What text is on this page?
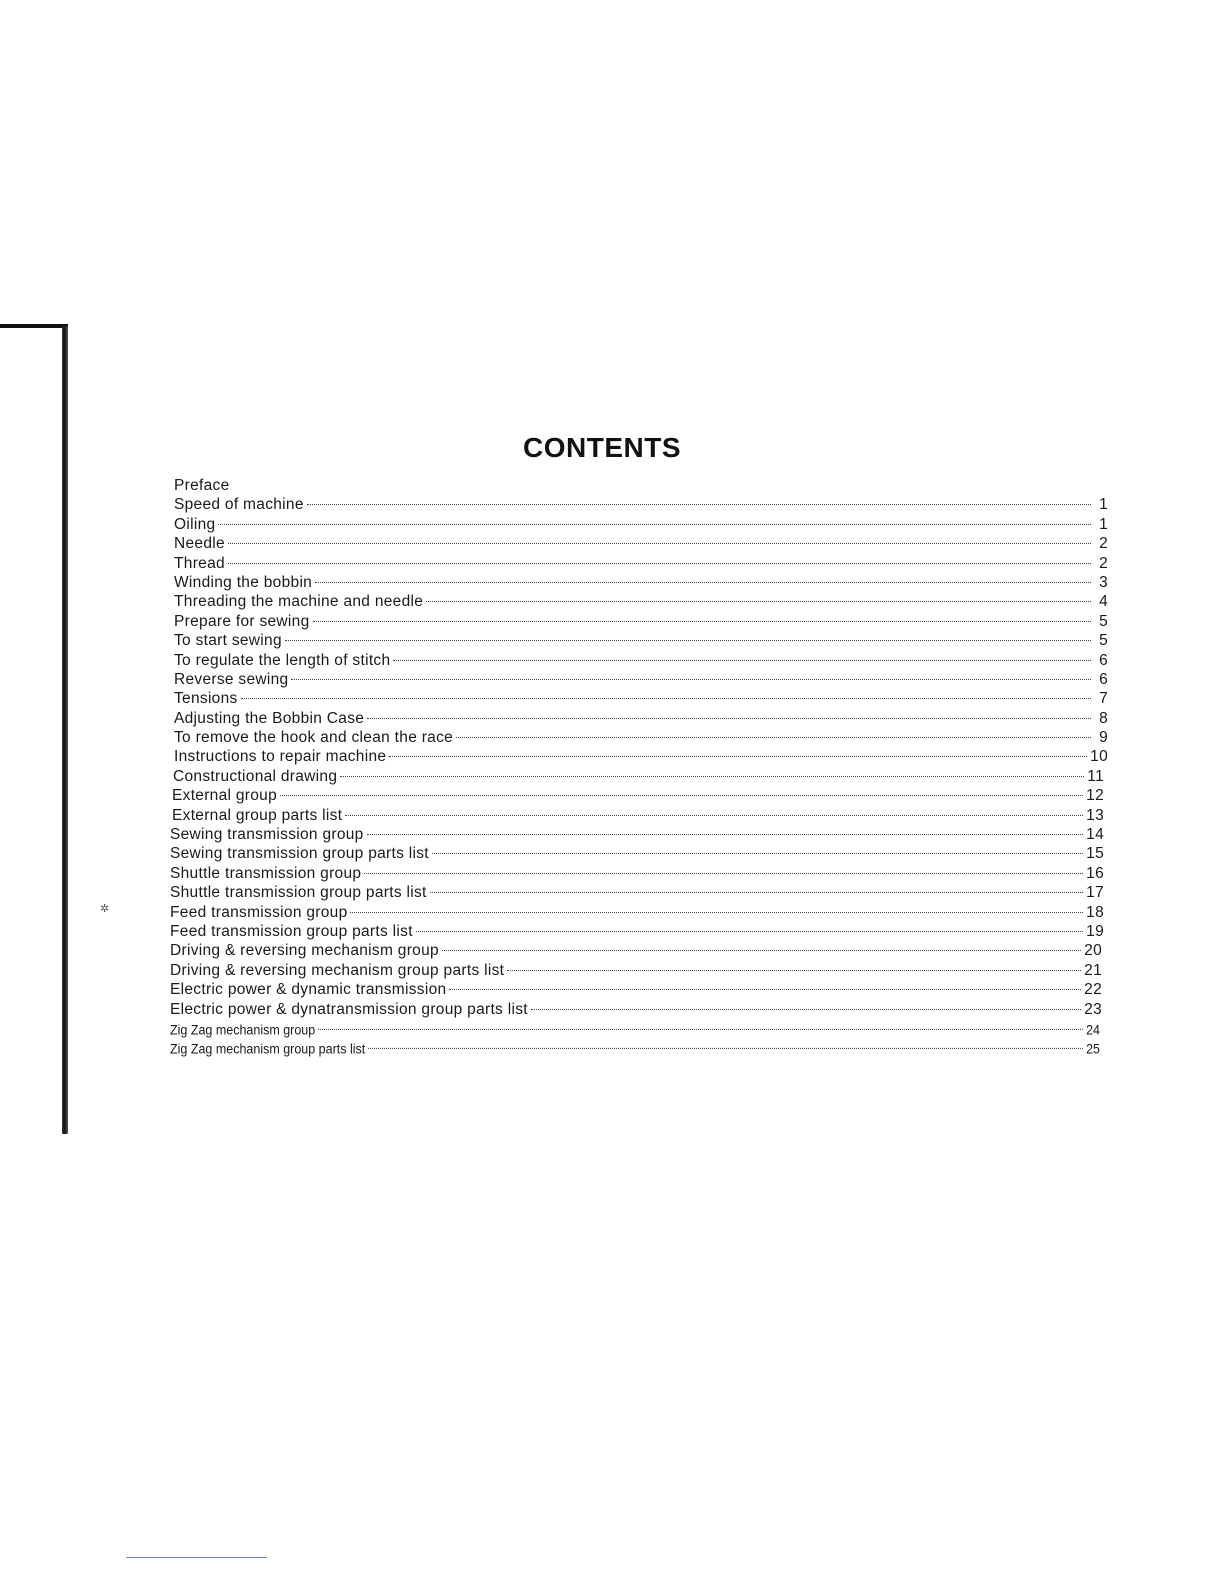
✲
CONTENTS
Preface
Speed of machine	1
Oiling	1
Needle	2
Thread	2
Winding the bobbin	3
Threading the machine and needle	4
Prepare for sewing	5
To start sewing	5
To regulate the length of stitch	6
Reverse sewing	6
Tensions	7
Adjusting the Bobbin Case	8
To remove the hook and clean the race	9
Instructions to repair machine	10
Constructional drawing	11
External group	12
External group parts list	13
Sewing transmission group	14
Sewing transmission group parts list	15
Shuttle transmission group	16
Shuttle transmission group parts list	17
Feed transmission group	18
Feed transmission group parts list	19
Driving & reversing mechanism group	20
Driving & reversing mechanism group parts list	21
Electric power & dynamic transmission	22
Electric power & dynatransmission group parts list	23
Zig Zag mechanism group	24
Zig Zag mechanism group parts list	25
